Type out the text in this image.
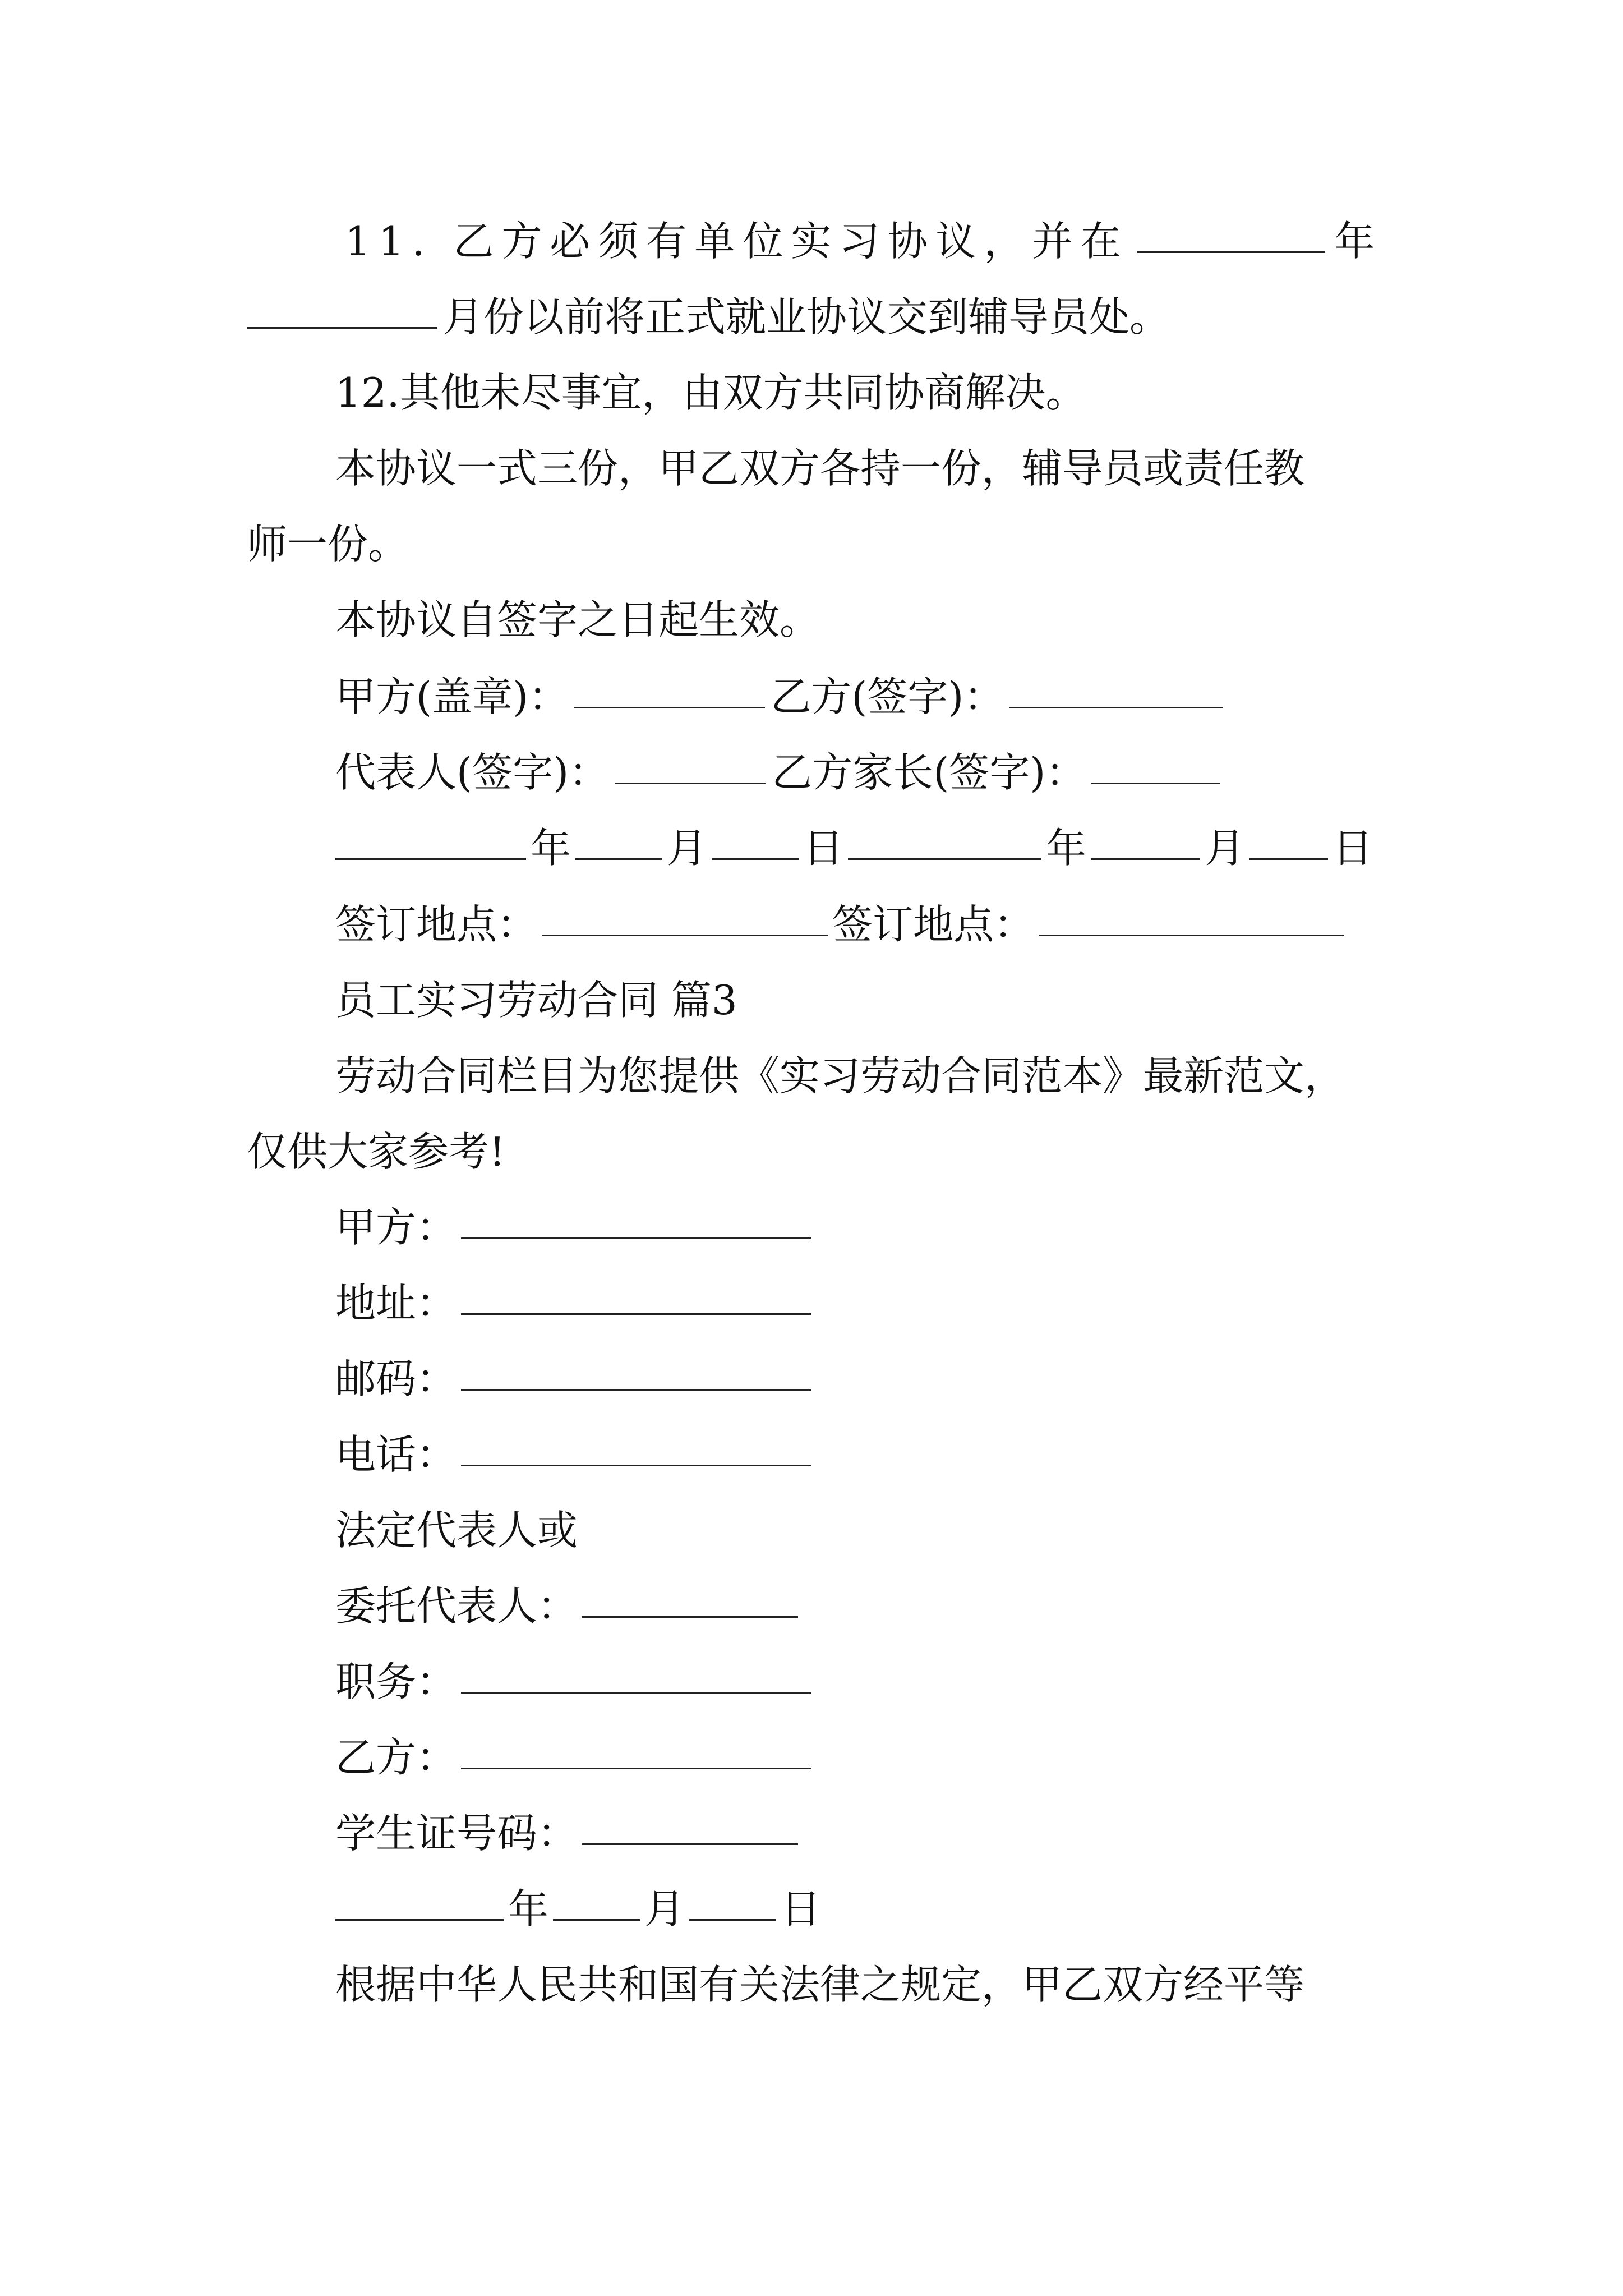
11. 乙方必须有单位实习协议，并在	年
月份以前将正式就业协议交到辅导员处。
12.其他未尽事宜，由双方共同协商解决。
本协议一式三份，甲乙双方各持一份，辅导员或责任教
师一份。
本协议自签字之日起生效。
甲方(盖章)：	乙方(签字)：
代表人(签字)：	乙方家长(签字)：
年 月 日	年	月 日
签订地点：	签订地点：
员工实习劳动合同 篇3
劳动合同栏目为您提供《实习劳动合同范本》最新范文，
仅供大家参考!
甲方：
地址：
邮码：
电话：
法定代表人或
委托代表人：
职务：
乙方：
学生证号码：
年 月 日
根据中华人民共和国有关法律之规定，甲乙双方经平等
